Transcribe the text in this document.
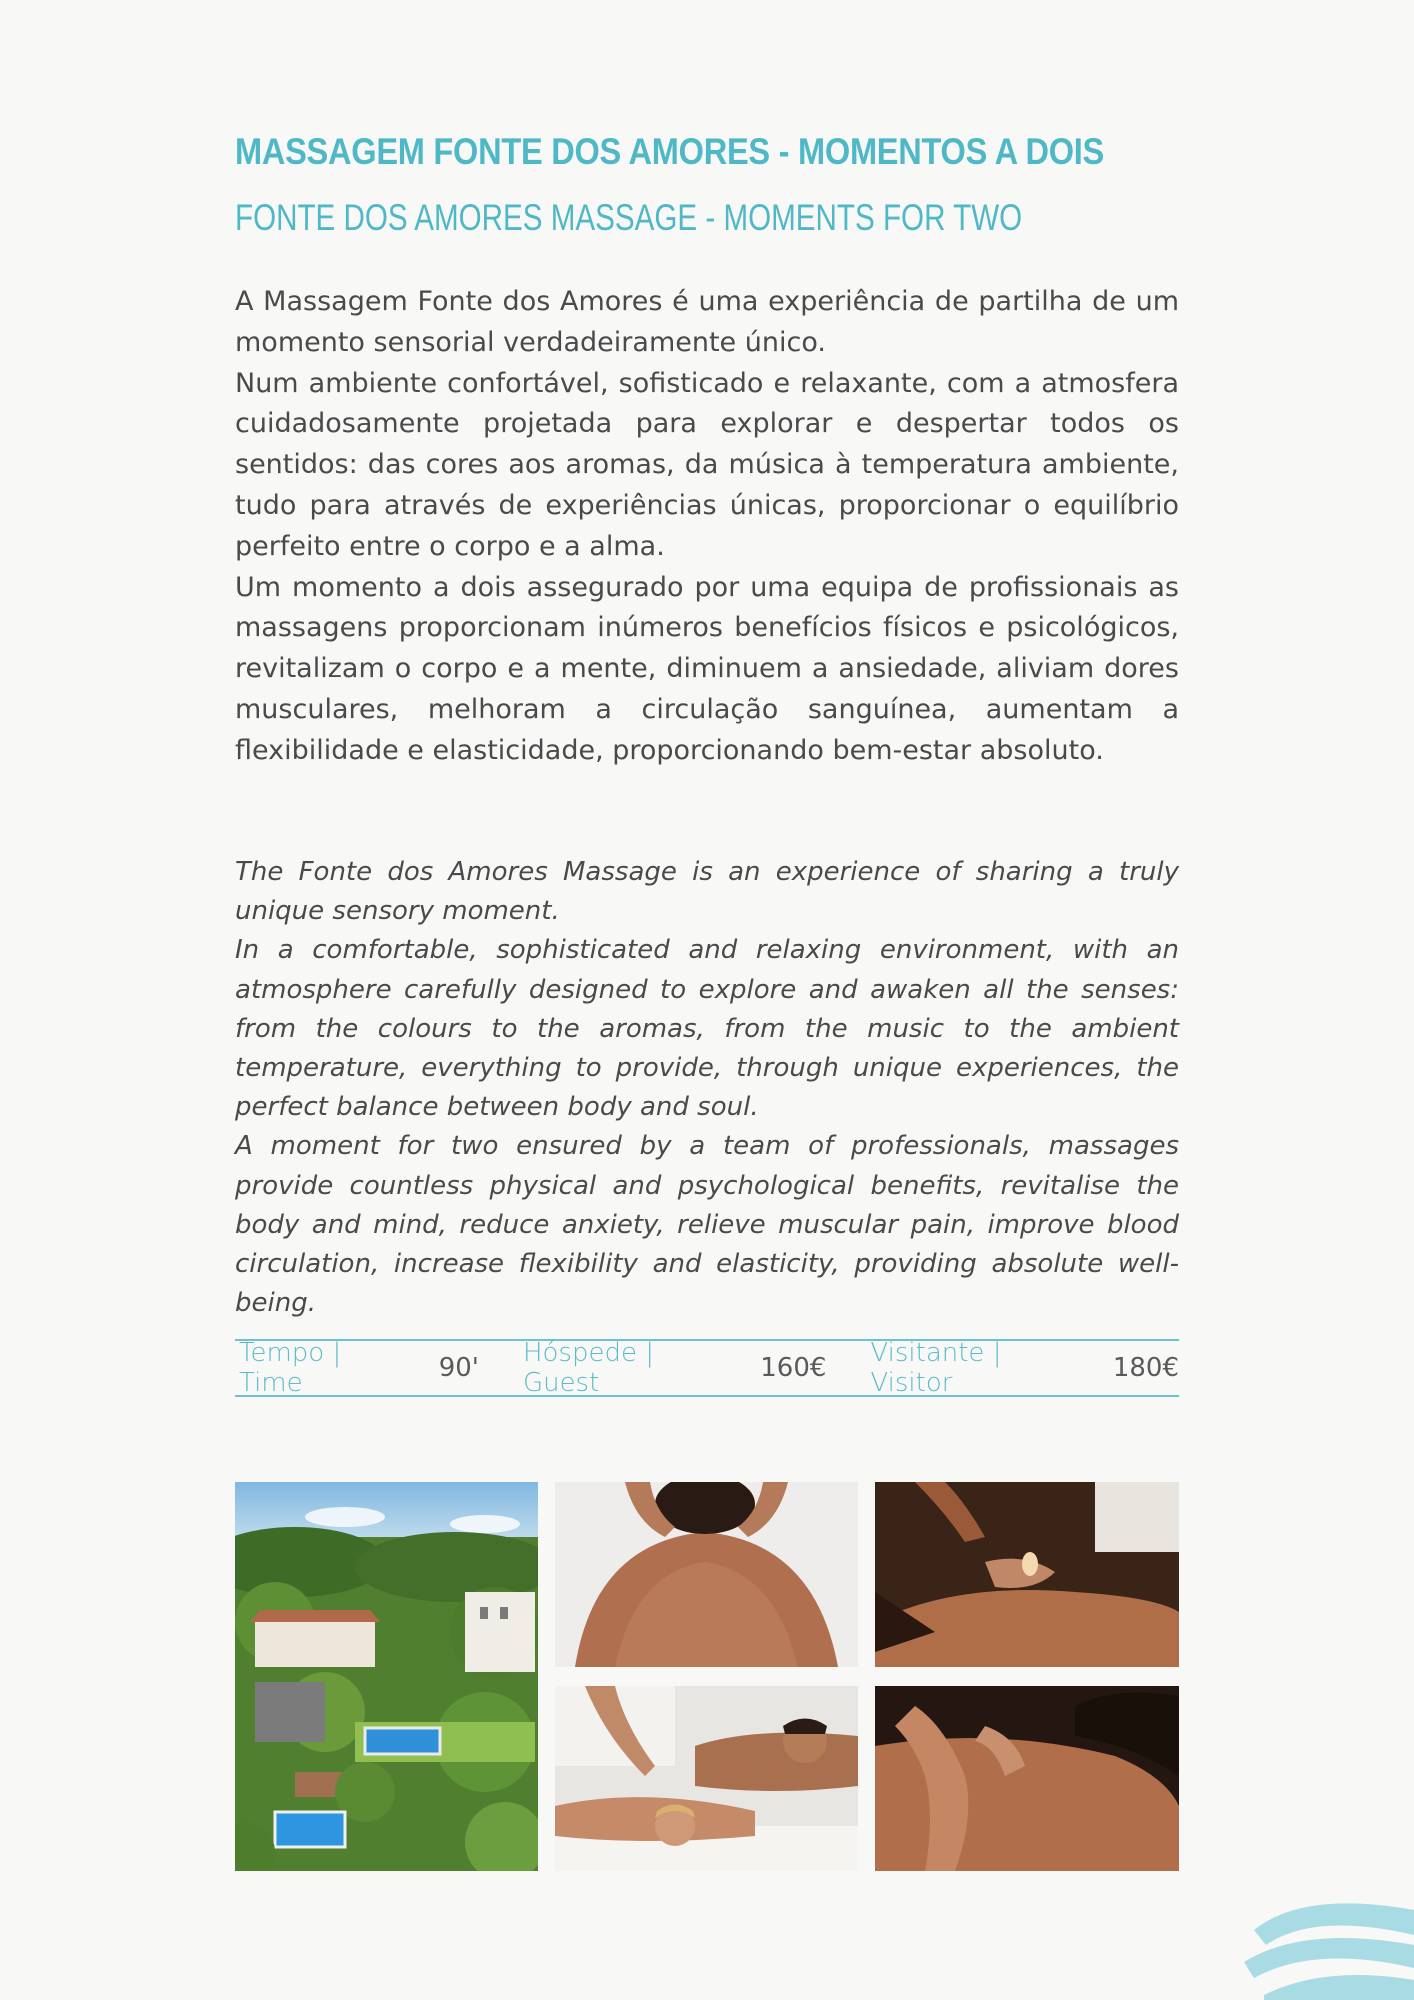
MASSAGEM FONTE DOS AMORES - MOMENTOS A DOIS
FONTE DOS AMORES MASSAGE - MOMENTS FOR TWO

A Massagem Fonte dos Amores é uma experiência de partilha de um momento sensorial verdadeiramente único.

Num ambiente confortável, sofisticado e relaxante, com a atmosfera cuidadosamente projetada para explorar e despertar todos os sentidos: das cores aos aromas, da música à temperatura ambiente, tudo para através de experiências únicas, proporcionar o equilíbrio perfeito entre o corpo e a alma.

Um momento a dois assegurado por uma equipa de profissionais as massagens proporcionam inúmeros benefícios físicos e psicológicos, revitalizam o corpo e a mente, diminuem a ansiedade, aliviam dores musculares, melhoram a circulação sanguínea, aumentam a flexibilidade e elasticidade, proporcionando bem-estar absoluto.

The Fonte dos Amores Massage is an experience of sharing a truly unique sensory moment.

In a comfortable, sophisticated and relaxing environment, with an atmosphere carefully designed to explore and awaken all the senses: from the colours to the aromas, from the music to the ambient temperature, everything to provide, through unique experiences, the perfect balance between body and soul.

A moment for two ensured by a team of professionals, massages provide countless physical and psychological benefits, revitalise the body and mind, reduce anxiety, relieve muscular pain, improve blood circulation, increase flexibility and elasticity, providing absolute well-being.

Tempo | Time	90' Hóspede | Guest	160€ Visitante | Visitor	180€
